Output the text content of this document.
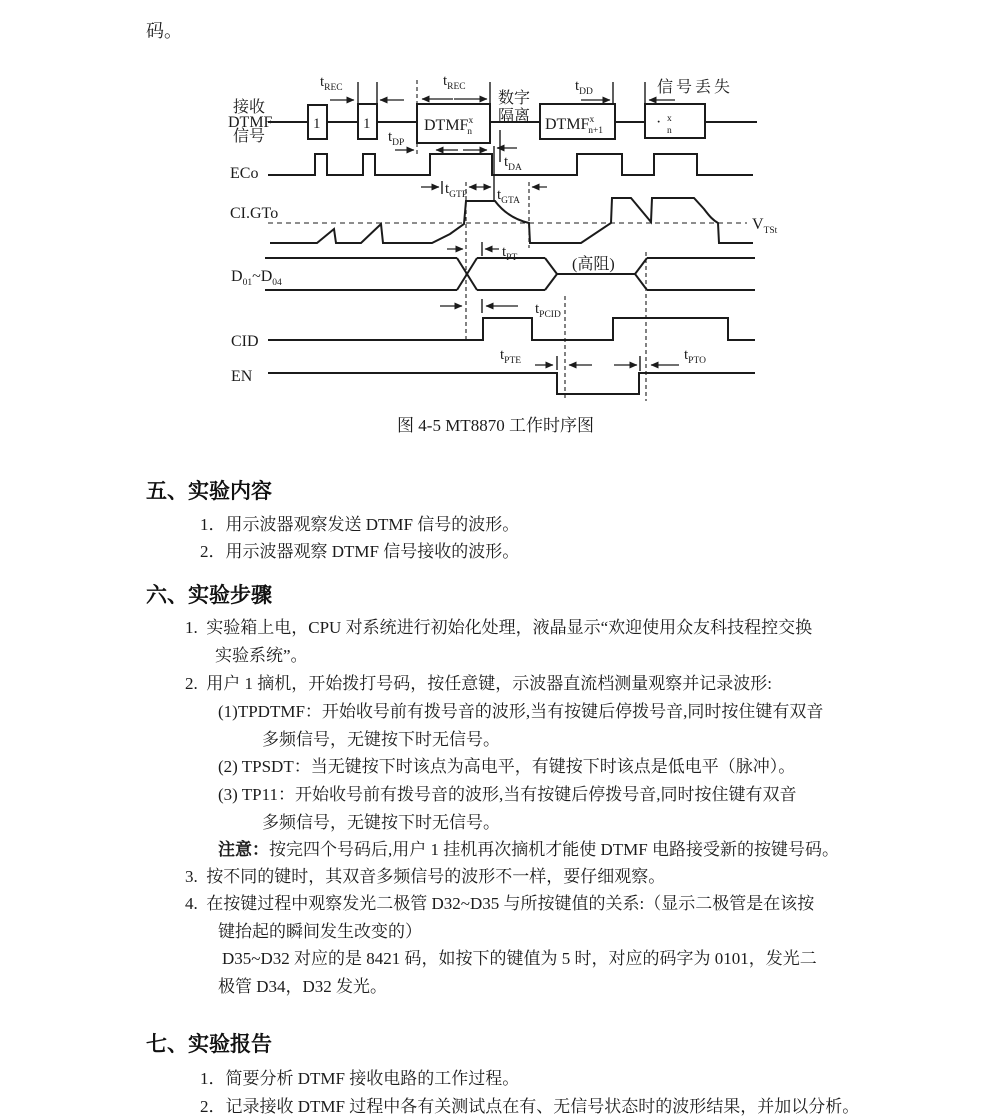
码。
接收
DTMF
信号
1	1
$t_{REC}$
DTMF$^x$ n
$t_{REC}$
数字
隔离
$t_{DP}$
$t_{DA}$
DTMF$^x$ n+1
$t_{DD}$	信号丢失
· x
n
ECo
CI.GTo
$V_{TSt}$
$t_{GTP}$ $t_{GTA}$
$t_{PT}$
$D_{01}\sim D_{04}$
(高阻)
$t_{PCID}$
CID
EN
$t_{PTE}$	$t_{PTO}$
图 4-5 MT8870 工作时序图
五、实验内容
1．用示波器观察发送 DTMF 信号的波形。
2．用示波器观察 DTMF 信号接收的波形。
六、实验步骤
1.  实验箱上电，CPU 对系统进行初始化处理，液晶显示“欢迎使用众友科技程控交换
实验系统”。
2.  用户 1 摘机，开始拨打号码，按任意键，示波器直流档测量观察并记录波形:
(1)TPDTMF：开始收号前有拨号音的波形,当有按键后停拨号音,同时按住键有双音
多频信号，无键按下时无信号。
(2) TPSDT：当无键按下时该点为高电平，有键按下时该点是低电平（脉冲）。
(3) TP11：开始收号前有拨号音的波形,当有按键后停拨号音,同时按住键有双音
多频信号，无键按下时无信号。
注意：按完四个号码后,用户 1 挂机再次摘机才能使 DTMF 电路接受新的按键号码。
3.  按不同的键时，其双音多频信号的波形不一样，要仔细观察。
4.  在按键过程中观察发光二极管 D32~D35 与所按键值的关系:（显示二极管是在该按
键抬起的瞬间发生改变的）
D35~D32 对应的是 8421 码，如按下的键值为 5 时，对应的码字为 0101，发光二
极管 D34，D32 发光。
七、实验报告
1．简要分析 DTMF 接收电路的工作过程。
2．记录接收 DTMF 过程中各有关测试点在有、无信号状态时的波形结果，并加以分析。
